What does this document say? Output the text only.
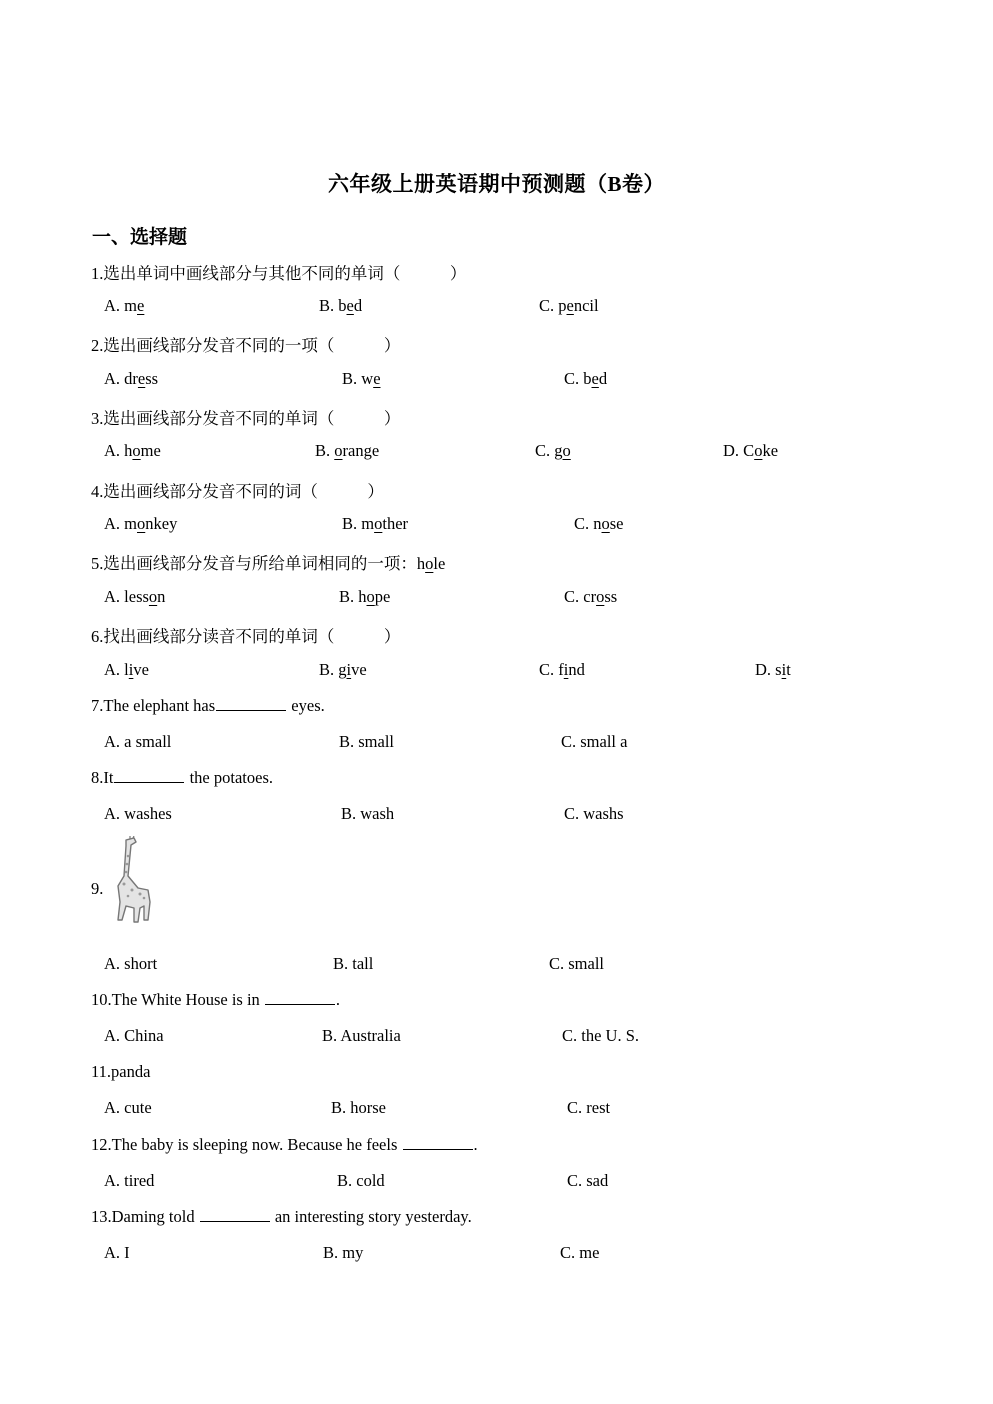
六年级上册英语期中预测题（B卷）
一、选择题
1.选出单词中画线部分与其他不同的单词（　　　）
A. me	B. bed	C. pencil
2.选出画线部分发音不同的一项（　　　）
A. dress	B. we	C. bed
3.选出画线部分发音不同的单词（　　　）
A. home	B. orange	C. go	D. Coke
4.选出画线部分发音不同的词（　　　）
A. monkey	B. mother	C. nose
5.选出画线部分发音与所给单词相同的一项：hole
A. lesson	B. hope	C. cross
6.找出画线部分读音不同的单词（　　　）
A. live	B. give	C. find	D. sit
7.The elephant has	eyes.
A. a small	B. small	C. small a
8.It	the potatoes.
A. washes	B. wash	C. washs
9.
A. short	B. tall	C. small
10.The White House is in	.
A. China	B. Australia	C. the U. S.
11.panda
A. cute	B. horse	C. rest
12.The baby is sleeping now. Because he feels	.
A. tired	B. cold	C. sad
13.Daming told	an interesting story yesterday.
A. I	B. my	C. me
